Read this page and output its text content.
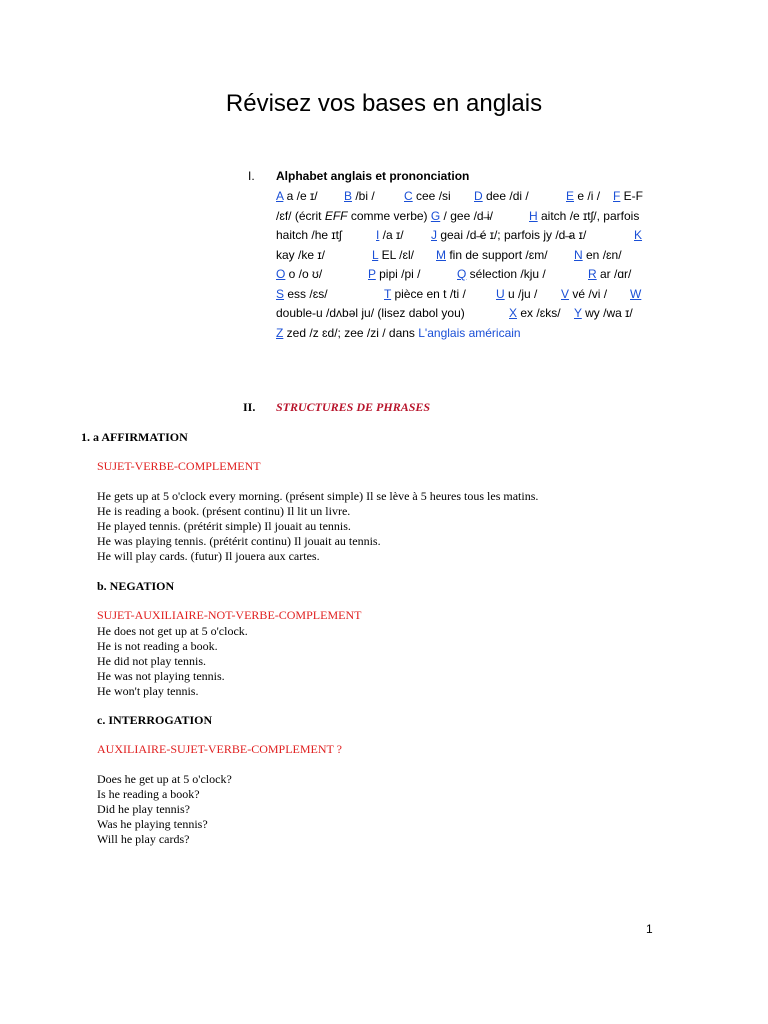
Révisez vos bases en anglais
I. Alphabet anglais et prononciation
A a /e ɪ/ B /bi / C cee /si D dee /di /	E e /i / F E-F
/ɛf/ (écrit EFF comme verbe) G / gee /d ̶i/	H aitch /e ɪtʃ/, parfois
haitch /he ɪtʃ	I /a ɪ/ J geai /d ̶é ɪ/; parfois jy /d ̶a ɪ/	K
kay /ke ɪ/	L EL /ɛl/ M fin de support /ɛm/ N en /ɛn/
O o /o ʊ/	P pipi /pi /	Q sélection /kju /	R ar /ɑr/
S ess /ɛs/	T pièce en t /ti /	U u /ju / V vé /vi / W
double-u /dʌbəl ju/ (lisez dabol you)	X ex /ɛks/ Y wy /wa ɪ/
Z zed /z ɛd/; zee /zi / dans L'anglais américain
II. STRUCTURES DE PHRASES
1. a AFFIRMATION
SUJET-VERBE-COMPLEMENT
He gets up at 5 o'clock every morning. (présent simple) Il se lève à 5 heures tous les matins.
He is reading a book. (présent continu) Il lit un livre.
He played tennis. (prétérit simple) Il jouait au tennis.
He was playing tennis. (prétérit continu) Il jouait au tennis.
He will play cards. (futur) Il jouera aux cartes.
b. NEGATION
SUJET-AUXILIAIRE-NOT-VERBE-COMPLEMENT
He does not get up at 5 o'clock.
He is not reading a book.
He did not play tennis.
He was not playing tennis.
He won't play tennis.
c. INTERROGATION
AUXILIAIRE-SUJET-VERBE-COMPLEMENT ?
Does he get up at 5 o'clock?
Is he reading a book?
Did he play tennis?
Was he playing tennis?
Will he play cards?
1
